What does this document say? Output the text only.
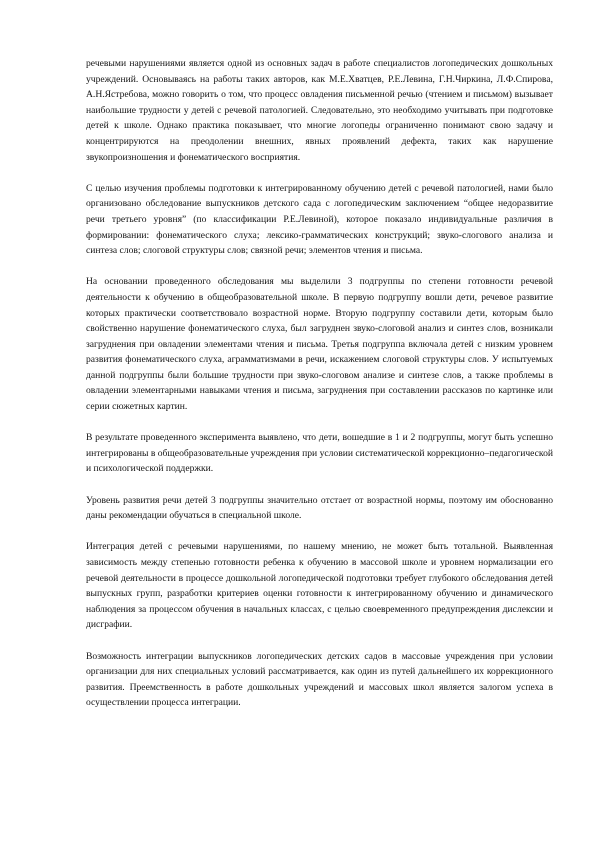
речевыми нарушениями является одной из основных задач в работе специалистов логопедических дошкольных учреждений. Основываясь на работы таких авторов, как М.Е.Хватцев, Р.Е.Левина, Г.Н.Чиркина, Л.Ф.Спирова, А.Н.Ястребова, можно говорить о том, что процесс овладения письменной речью (чтением и письмом) вызывает наибольшие трудности у детей с речевой патологией. Следовательно, это необходимо учитывать при подготовке детей к школе. Однако практика показывает, что многие логопеды ограниченно понимают свою задачу и концентрируются на преодолении внешних, явных проявлений дефекта, таких как нарушение звукопроизношения и фонематического восприятия.

С целью изучения проблемы подготовки к интегрированному обучению детей с речевой патологией, нами было организовано обследование выпускников детского сада с логопедическим заключением “общее недоразвитие речи третьего уровня” (по классификации Р.Е.Левиной), которое показало индивидуальные различия в формировании: фонематического слуха; лексико-грамматических конструкций; звуко-слогового анализа и синтеза слов; слоговой структуры слов; связной речи; элементов чтения и письма.

На основании проведенного обследования мы выделили 3 подгруппы по степени готовности речевой деятельности к обучению в общеобразовательной школе. В первую подгруппу вошли дети, речевое развитие которых практически соответствовало возрастной норме. Вторую подгруппу составили дети, которым было свойственно нарушение фонематического слуха, был загруднен звуко-слоговой анализ и синтез слов, возникали загруднения при овладении элементами чтения и письма. Третья подгруппа включала детей с низким уровнем развития фонематического слуха, аграмматизмами в речи, искажением слоговой структуры слов. У испытуемых данной подгруппы были большие трудности при звуко-слоговом анализе и синтезе слов, а также проблемы в овладении элементарными навыками чтения и письма, загруднения при составлении рассказов по картинке или серии сюжетных картин.

В результате проведенного эксперимента выявлено, что дети, вошедшие в 1 и 2 подгруппы, могут быть успешно интегрированы в общеобразовательные учреждения при условии систематической коррекционно–педагогической и психологической поддержки.

Уровень развития речи детей 3 подгруппы значительно отстает от возрастной нормы, поэтому им обоснованно даны рекомендации обучаться в специальной школе.

Интеграция детей с речевыми нарушениями, по нашему мнению, не может быть тотальной. Выявленная зависимость между степенью готовности ребенка к обучению в массовой школе и уровнем нормализации его речевой деятельности в процессе дошкольной логопедической подготовки требует глубокого обследования детей выпускных групп, разработки критериев оценки готовности к интегрированному обучению и динамического наблюдения за процессом обучения в начальных классах, с целью своевременного предупреждения дислексии и дисграфии.

Возможность интеграции выпускников логопедических детских садов в массовые учреждения при условии организации для них специальных условий рассматривается, как один из путей дальнейшего их коррекционного развития. Преемственность в работе дошкольных учреждений и массовых школ является залогом успеха в осуществлении процесса интеграции.
